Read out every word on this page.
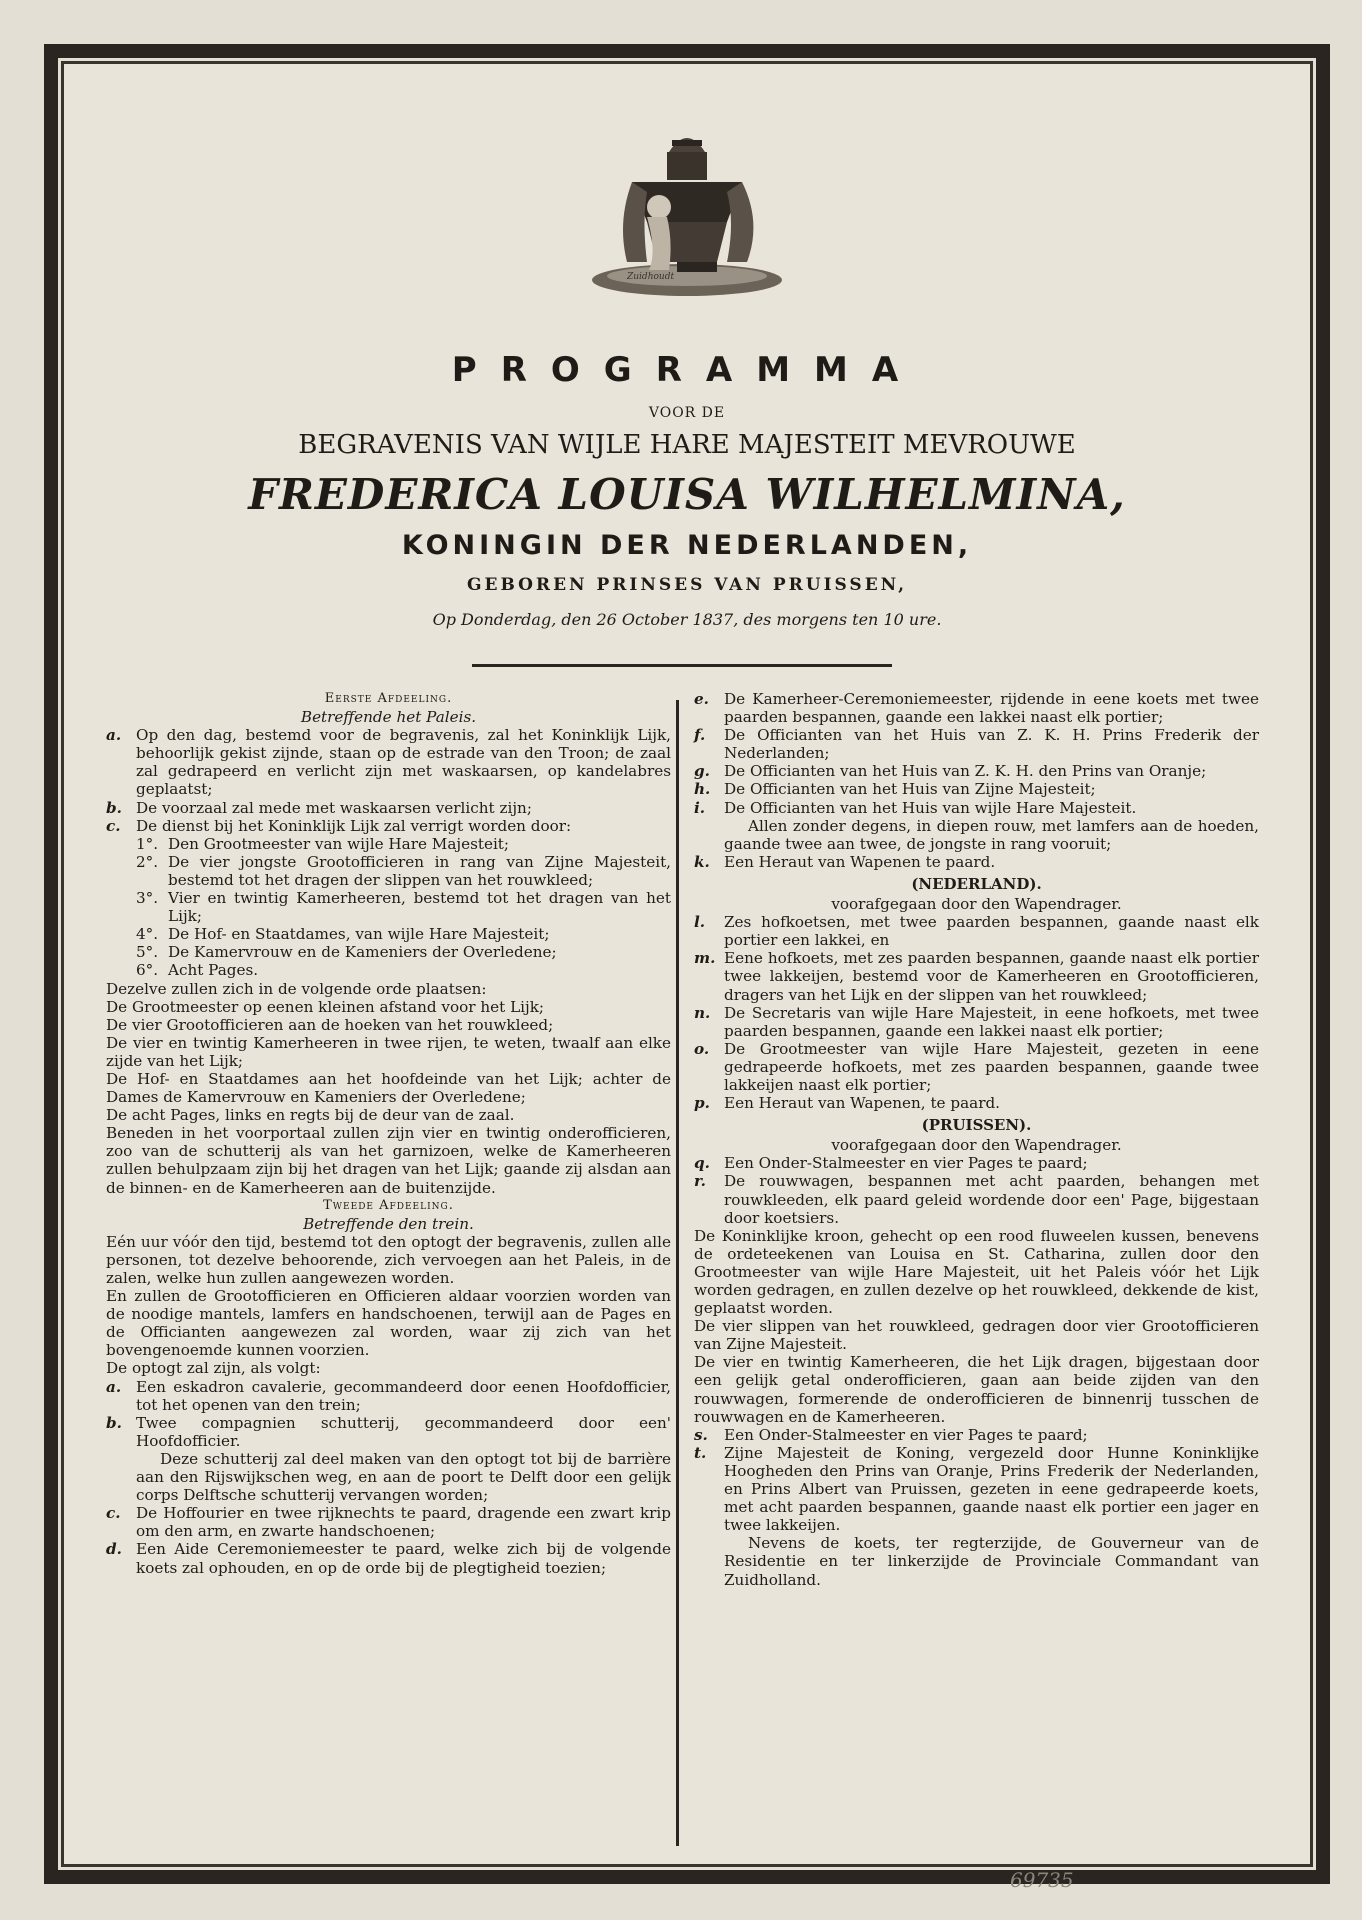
Zuidhoudt
PROGRAMMA
VOOR DE
BEGRAVENIS VAN WIJLE HARE MAJESTEIT MEVROUWE
FREDERICA LOUISA WILHELMINA,
KONINGIN DER NEDERLANDEN,
GEBOREN PRINSES VAN PRUISSEN,
Op Donderdag, den 26 October 1837, des morgens ten 10 ure.

Eerste Afdeeling.

Betreffende het Paleis.

a. Op den dag, bestemd voor de begravenis, zal het Koninklijk Lijk, behoorlijk gekist zijnde, staan op de estrade van den Troon; de zaal zal gedrapeerd en verlicht zijn met waskaarsen, op kandelabres geplaatst;
b. De voorzaal zal mede met waskaarsen verlicht zijn;
c.	De dienst bij het Koninklijk Lijk zal verrigt worden door:
1°. Den Grootmeester van wijle Hare Majesteit;
2°. De vier jongste Grootofficieren in rang van Zijne Majesteit, bestemd tot het dragen der slippen van het rouwkleed;
3°. Vier en twintig Kamerheeren, bestemd tot het dragen van het Lijk;
4°. De Hof- en Staatdames, van wijle Hare Majesteit;
5°. De Kamervrouw en de Kameniers der Overledene;
6°. Acht Pages.

Dezelve zullen zich in de volgende orde plaatsen:

De Grootmeester op eenen kleinen afstand voor het Lijk;

De vier Grootofficieren aan de hoeken van het rouwkleed;

De vier en twintig Kamerheeren in twee rijen, te weten, twaalf aan elke zijde van het Lijk;

De Hof- en Staatdames aan het hoofdeinde van het Lijk; achter de Dames de Kamervrouw en Kameniers der Overledene;

De acht Pages, links en regts bij de deur van de zaal.

Beneden in het voorportaal zullen zijn vier en twintig onderofficieren, zoo van de schutterij als van het garnizoen, welke de Kamerheeren zullen behulpzaam zijn bij het dragen van het Lijk; gaande zij alsdan aan de binnen- en de Kamerheeren aan de buitenzijde.

Tweede Afdeeling.

Betreffende den trein.

Eén uur vóór den tijd, bestemd tot den optogt der begravenis, zullen alle personen, tot dezelve behoorende, zich vervoegen aan het Paleis, in de zalen, welke hun zullen aangewezen worden.

En zullen de Grootofficieren en Officieren aldaar voorzien worden van de noodige mantels, lamfers en handschoenen, terwijl aan de Pages en de Officianten aangewezen zal worden, waar zij zich van het bovengenoemde kunnen voorzien.

De optogt zal zijn, als volgt:

a. Een eskadron cavalerie, gecommandeerd door eenen Hoofdofficier, tot het openen van den trein;
b. Twee compagnien schutterij, gecommandeerd door een' Hoofdofficier.

Deze schutterij zal deel maken van den optogt tot bij de barrière aan den Rijswijkschen weg, en aan de poort te Delft door een gelijk corps Delftsche schutterij vervangen worden;

c.	De Hoffourier en twee rijknechts te paard, dragende een zwart krip om den arm, en zwarte handschoenen;
d. Een Aide Ceremoniemeester te paard, welke zich bij de volgende koets zal ophouden, en op de orde bij de plegtigheid toezien;
e. De Kamerheer-Ceremoniemeester, rijdende in eene koets met twee paarden bespannen, gaande een lakkei naast elk portier;
f.	De Officianten van het Huis van Z. K. H. Prins Frederik der Nederlanden;
g. De Officianten van het Huis van Z. K. H. den Prins van Oranje;
h. De Officianten van het Huis van Zijne Majesteit;
i.	De Officianten van het Huis van wijle Hare Majesteit.

Allen zonder degens, in diepen rouw, met lamfers aan de hoeden, gaande twee aan twee, de jongste in rang vooruit;

k. Een Heraut van Wapenen te paard.

(NEDERLAND).

voorafgegaan door den Wapendrager.

l.	Zes hofkoetsen, met twee paarden bespannen, gaande naast elk portier een lakkei, en
m. Eene hofkoets, met zes paarden bespannen, gaande naast elk portier twee lakkeijen, bestemd voor de Kamerheeren en Grootofficieren, dragers van het Lijk en der slippen van het rouwkleed;
n. De Secretaris van wijle Hare Majesteit, in eene hofkoets, met twee paarden bespannen, gaande een lakkei naast elk portier;
o. De Grootmeester van wijle Hare Majesteit, gezeten in eene gedrapeerde hofkoets, met zes paarden bespannen, gaande twee lakkeijen naast elk portier;
p. Een Heraut van Wapenen, te paard.

(PRUISSEN).

voorafgegaan door den Wapendrager.

q. Een Onder-Stalmeester en vier Pages te paard;
r.	De rouwwagen, bespannen met acht paarden, behangen met rouwkleeden, elk paard geleid wordende door een' Page, bijgestaan door koetsiers.

De Koninklijke kroon, gehecht op een rood fluweelen kussen, benevens de ordeteekenen van Louisa en St. Catharina, zullen door den Grootmeester van wijle Hare Majesteit, uit het Paleis vóór het Lijk worden gedragen, en zullen dezelve op het rouwkleed, dekkende de kist, geplaatst worden.

De vier slippen van het rouwkleed, gedragen door vier Grootofficieren van Zijne Majesteit.

De vier en twintig Kamerheeren, die het Lijk dragen, bijgestaan door een gelijk getal onderofficieren, gaan aan beide zijden van den rouwwagen, formerende de onderofficieren de binnenrij tusschen de rouwwagen en de Kamerheeren.

s.	Een Onder-Stalmeester en vier Pages te paard;
t.	Zijne Majesteit de Koning, vergezeld door Hunne Koninklijke Hoogheden den Prins van Oranje, Prins Frederik der Nederlanden, en Prins Albert van Pruissen, gezeten in eene gedrapeerde koets, met acht paarden bespannen, gaande naast elk portier een jager en twee lakkeijen.

Nevens de koets, ter regterzijde, de Gouverneur van de Residentie en ter linkerzijde de Provinciale Commandant van Zuidholland.

69735
